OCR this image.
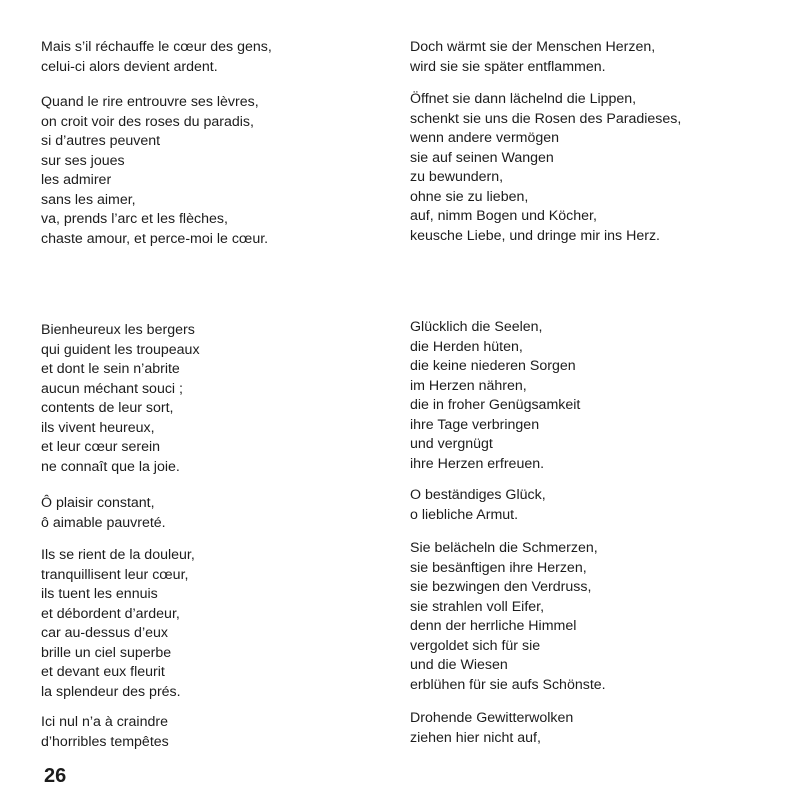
Mais s’il réchauffe le cœur des gens,
celui-ci alors devient ardent.
Quand le rire entrouvre ses lèvres,
on croit voir des roses du paradis,
si d’autres peuvent
sur ses joues
les admirer
sans les aimer,
va, prends l’arc et les flèches,
chaste amour, et perce-moi le cœur.
Bienheureux les bergers
qui guident les troupeaux
et dont le sein n’abrite
aucun méchant souci ;
contents de leur sort,
ils vivent heureux,
et leur cœur serein
ne connaît que la joie.
Ô plaisir constant,
ô aimable pauvreté.
Ils se rient de la douleur,
tranquillisent leur cœur,
ils tuent les ennuis
et débordent d’ardeur,
car au-dessus d’eux
brille un ciel superbe
et devant eux fleurit
la splendeur des prés.
Ici nul n’a à craindre
d’horribles tempêtes
Doch wärmt sie der Menschen Herzen,
wird sie sie später entflammen.
Öffnet sie dann lächelnd die Lippen,
schenkt sie uns die Rosen des Paradieses,
wenn andere vermögen
sie auf seinen Wangen
zu bewundern,
ohne sie zu lieben,
auf, nimm Bogen und Köcher,
keusche Liebe, und dringe mir ins Herz.
Glücklich die Seelen,
die Herden hüten,
die keine niederen Sorgen
im Herzen nähren,
die in froher Genügsamkeit
ihre Tage verbringen
und vergnügt
ihre Herzen erfreuen.
O beständiges Glück,
o liebliche Armut.
Sie belächeln die Schmerzen,
sie besänftigen ihre Herzen,
sie bezwingen den Verdruss,
sie strahlen voll Eifer,
denn der herrliche Himmel
vergoldet sich für sie
und die Wiesen
erblühen für sie aufs Schönste.
Drohende Gewitterwolken
ziehen hier nicht auf,

26
